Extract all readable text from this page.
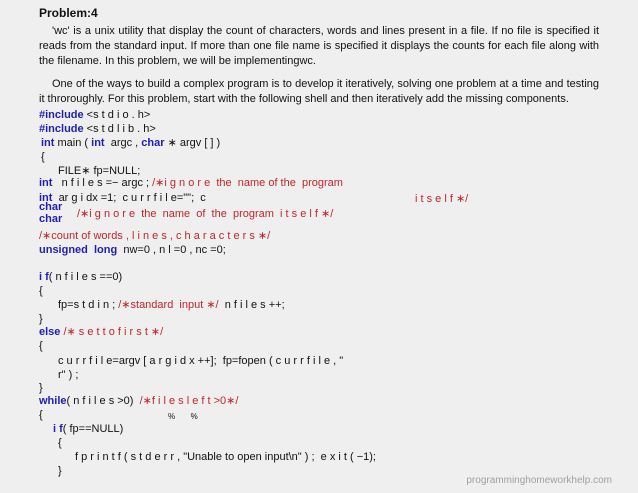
Problem:4
'wc' is a unix utility that display the count of characters, words and lines present in a file. If no file is specified it reads from the standard input. If more than one file name is specified it displays the counts for each file along with the filename. In this problem, we will be implementingwc.
One of the ways to build a complex program is to develop it iteratively, solving one problem at a time and testing it throroughly. For this problem, start with the following shell and then iteratively add the missing components.
#include <s t d i o . h>
#include <s t d l i b . h>
int main ( int  argc , char ∗ argv [ ] )
{
FILE∗ fp=NULL;
int   n f i l e s =− argc ; /∗i g n o r e  the  name of the  program
int  ar g i dx =1;  c u r r f i l e="";  c	i t s e l f ∗/
char
/∗i g n o r e  the  name  of  the  program  i t s e l f ∗/
char
/∗count of words , l i n e s , c h a r a c t e r s ∗/
unsigned  long  nw=0 , n l =0 , nc =0;
i f( n f i l e s ==0)
{
fp=s t d i n ; /∗standard  input ∗/  n f i l e s ++;
}
else /∗ s e t t o f i r s t ∗/
{
c u r r f i l e=argv [ a r g i d x ++];  fp=fopen ( c u r r f i l e , "
r" ) ;
}
while( n f i l e s >0)  /∗f i l e s l e f t >0∗/
{	%       %
i f( fp==NULL)
{
f p r i n t f ( s t d e r r , "Unable to open input\n" ) ;  e x i t ( −1);
}
programminghomeworkhelp.com
